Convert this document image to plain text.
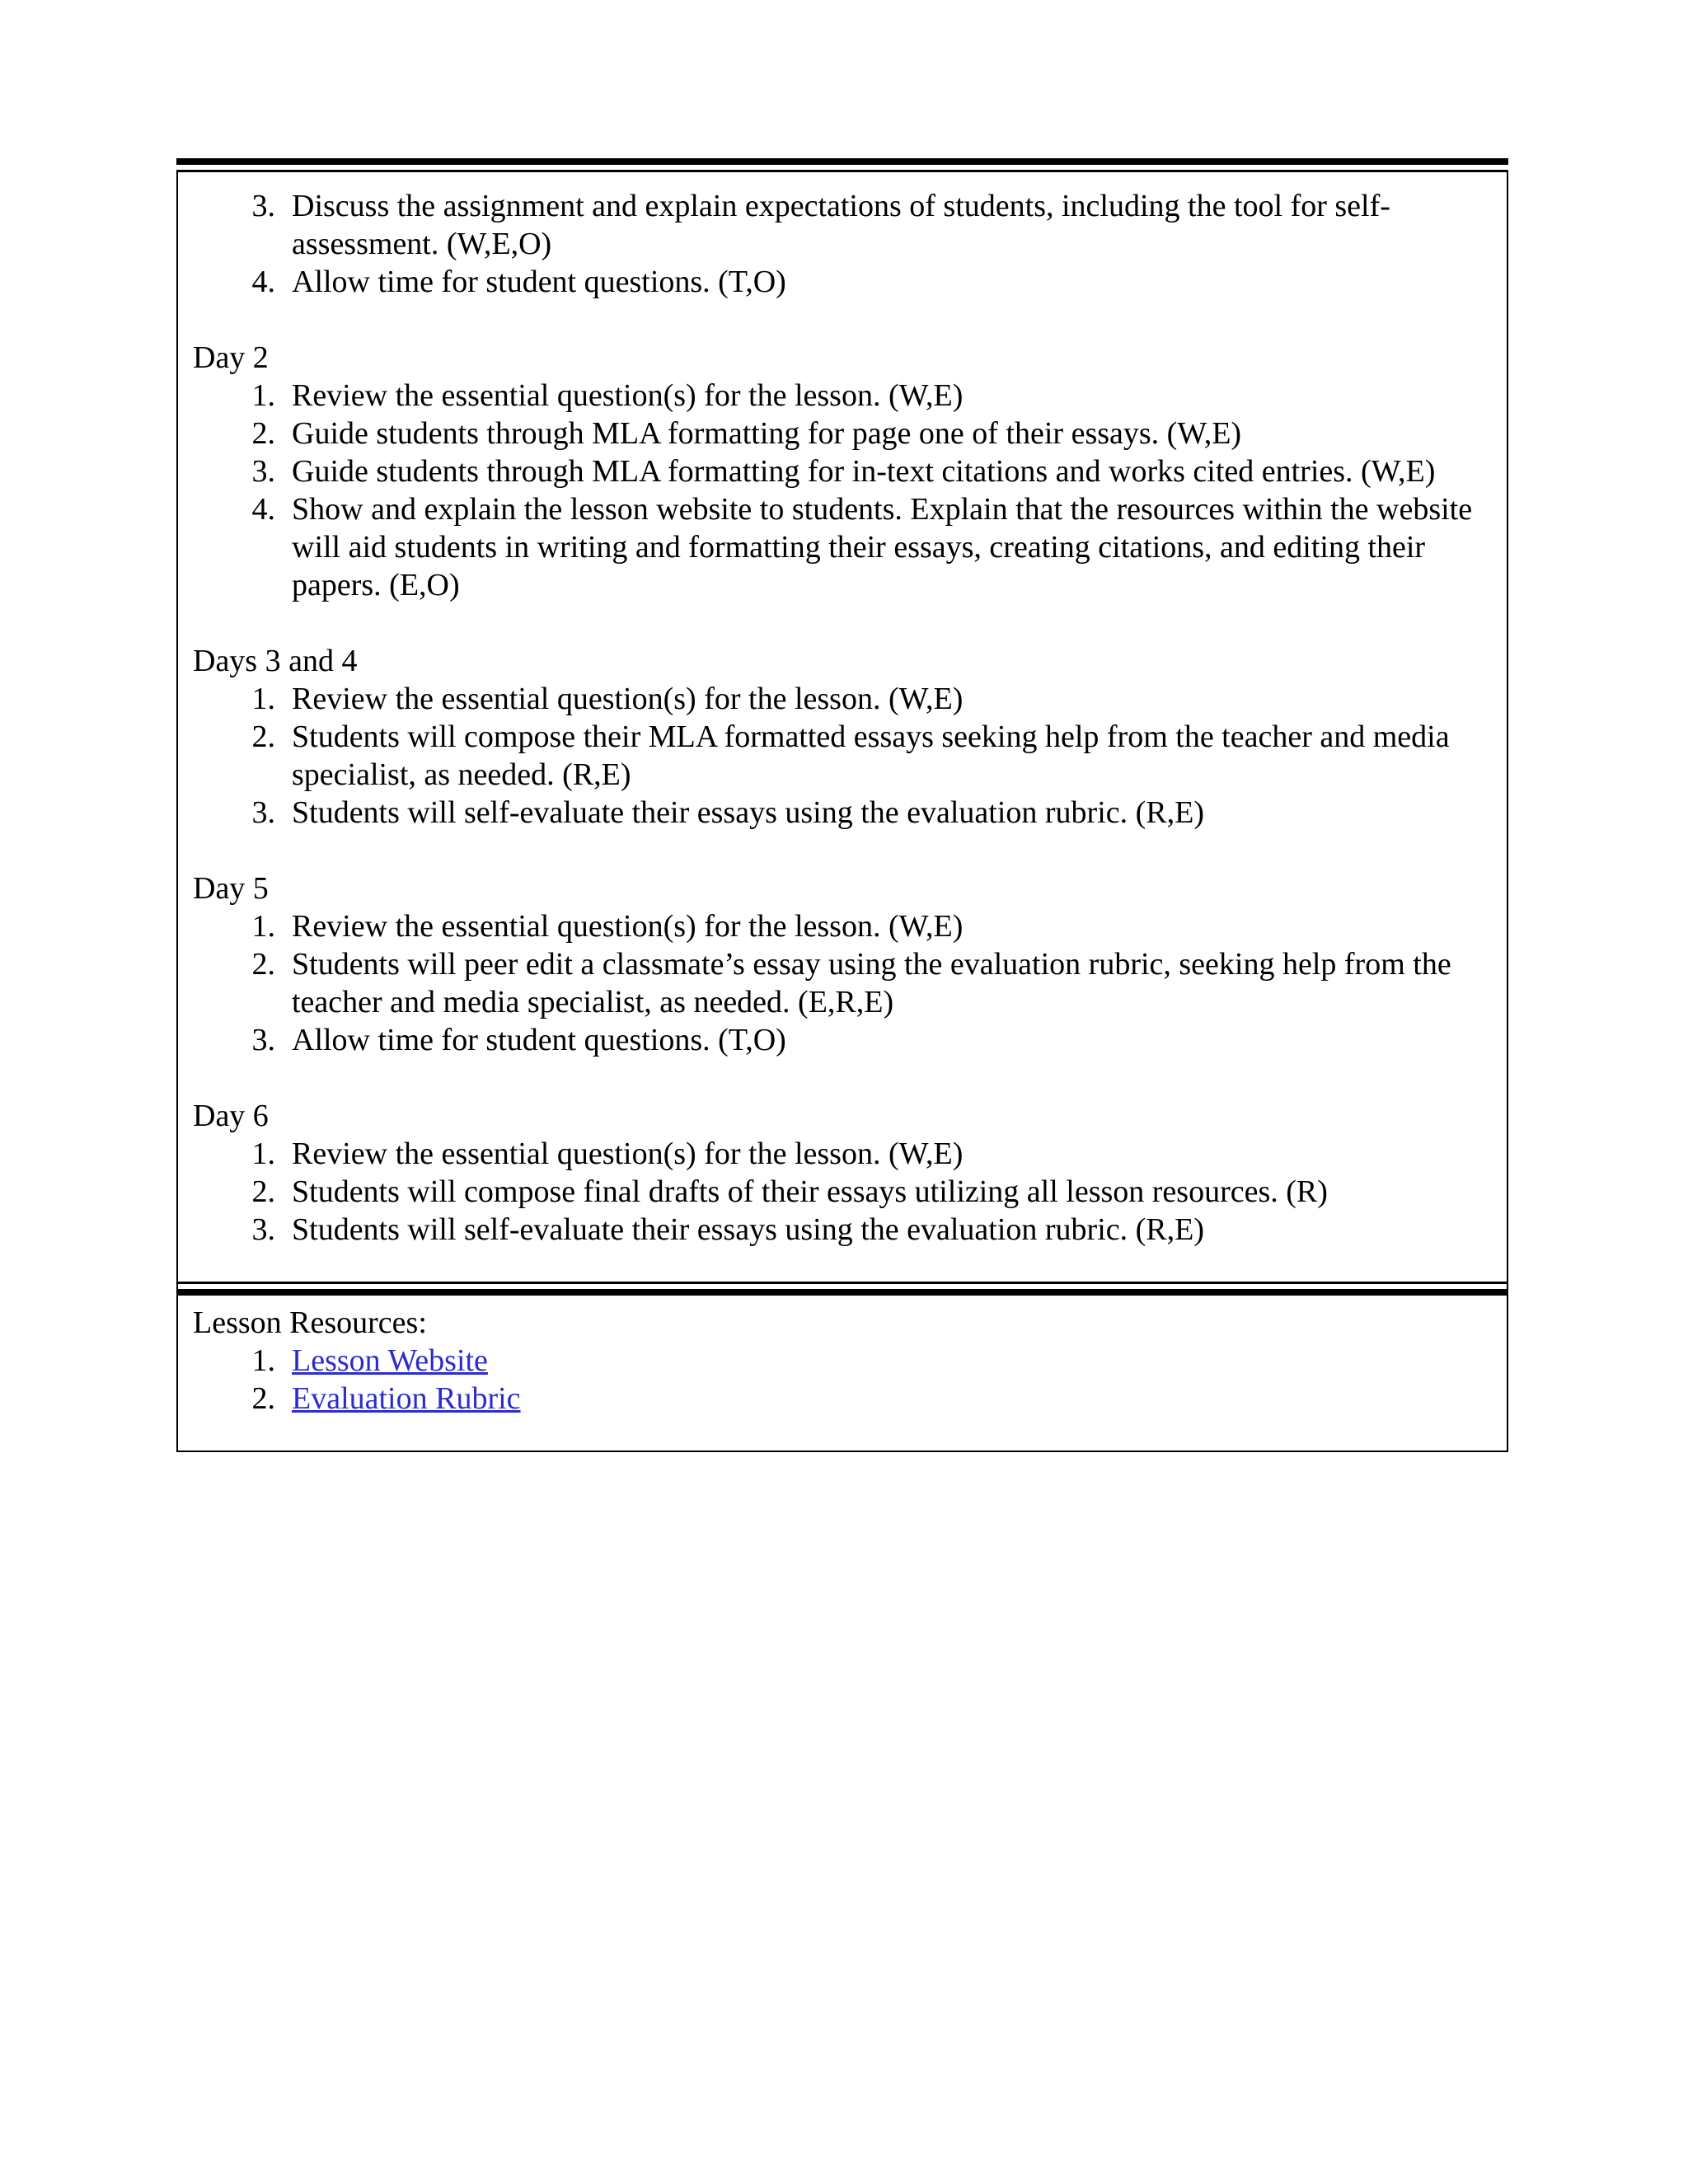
3. Discuss the assignment and explain expectations of students, including the tool for self-assessment. (W,E,O)
4. Allow time for student questions. (T,O)

Day 2

1. Review the essential question(s) for the lesson. (W,E)
2. Guide students through MLA formatting for page one of their essays. (W,E)
3. Guide students through MLA formatting for in-text citations and works cited entries. (W,E)
4. Show and explain the lesson website to students. Explain that the resources within the website will aid students in writing and formatting their essays, creating citations, and editing their papers. (E,O)

Days 3 and 4

1. Review the essential question(s) for the lesson. (W,E)
2. Students will compose their MLA formatted essays seeking help from the teacher and media specialist, as needed. (R,E)
3. Students will self-evaluate their essays using the evaluation rubric. (R,E)

Day 5

1. Review the essential question(s) for the lesson. (W,E)
2. Students will peer edit a classmate’s essay using the evaluation rubric, seeking help from the teacher and media specialist, as needed. (E,R,E)
3. Allow time for student questions. (T,O)

Day 6

1. Review the essential question(s) for the lesson. (W,E)
2. Students will compose final drafts of their essays utilizing all lesson resources. (R)
3. Students will self-evaluate their essays using the evaluation rubric. (R,E)

Lesson Resources:

1. Lesson Website
2. Evaluation Rubric
